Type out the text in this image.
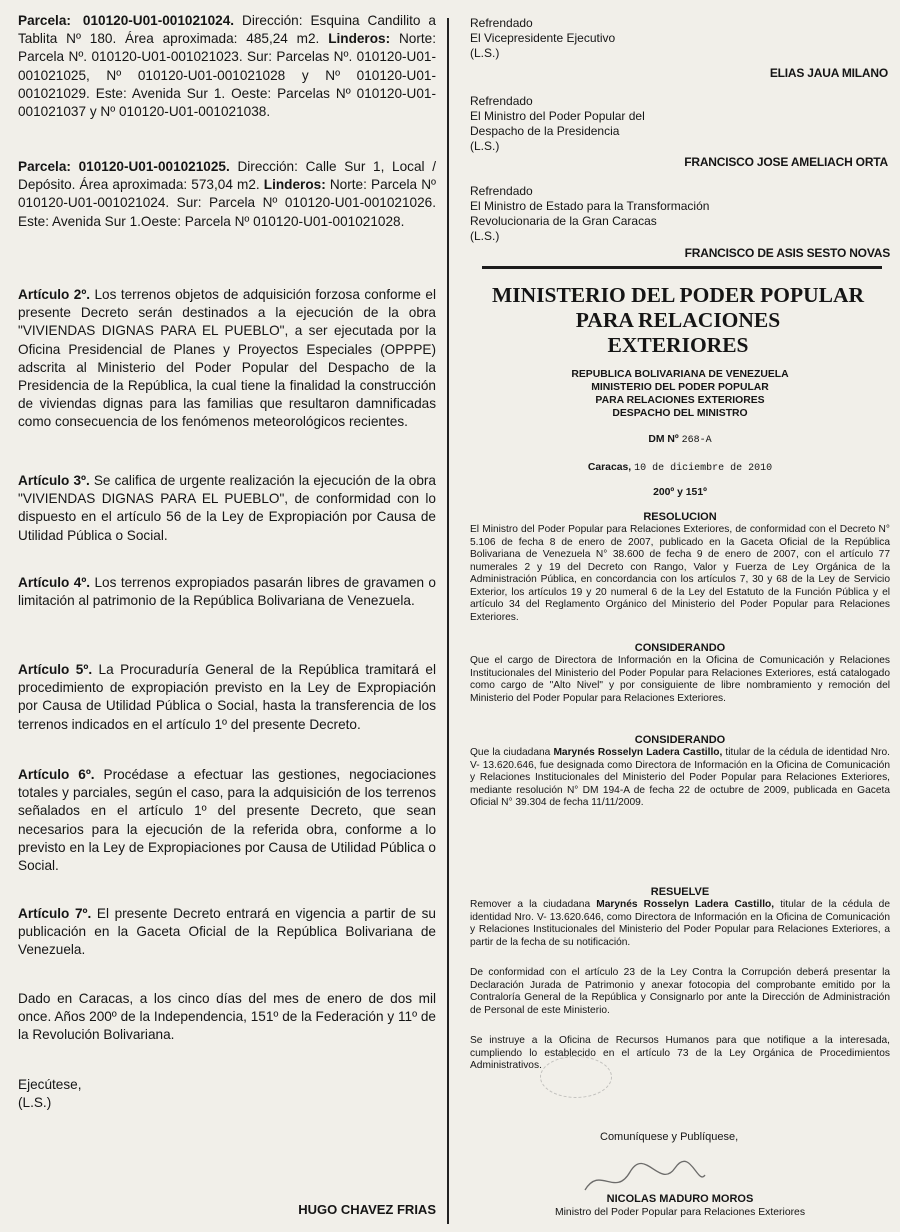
Parcela: 010120-U01-001021024. Dirección: Esquina Candilito a Tablita Nº 180. Área aproximada: 485,24 m2. Linderos: Norte: Parcela Nº. 010120-U01-001021023. Sur: Parcelas Nº. 010120-U01-001021025, Nº 010120-U01-001021028 y Nº 010120-U01-001021029. Este: Avenida Sur 1. Oeste: Parcelas Nº 010120-U01-001021037 y Nº 010120-U01-001021038.

Parcela: 010120-U01-001021025. Dirección: Calle Sur 1, Local / Depósito. Área aproximada: 573,04 m2. Linderos: Norte: Parcela Nº 010120-U01-001021024. Sur: Parcela Nº 010120-U01-001021026. Este: Avenida Sur 1.Oeste: Parcela Nº 010120-U01-001021028.

Artículo 2º. Los terrenos objetos de adquisición forzosa conforme el presente Decreto serán destinados a la ejecución de la obra "VIVIENDAS DIGNAS PARA EL PUEBLO", a ser ejecutada por la Oficina Presidencial de Planes y Proyectos Especiales (OPPPE) adscrita al Ministerio del Poder Popular del Despacho de la Presidencia de la República, la cual tiene la finalidad la construcción de viviendas dignas para las familias que resultaron damnificadas como consecuencia de los fenómenos meteorológicos recientes.

Artículo 3º. Se califica de urgente realización la ejecución de la obra "VIVIENDAS DIGNAS PARA EL PUEBLO", de conformidad con lo dispuesto en el artículo 56 de la Ley de Expropiación por Causa de Utilidad Pública o Social.

Artículo 4º. Los terrenos expropiados pasarán libres de gravamen o limitación al patrimonio de la República Bolivariana de Venezuela.

Artículo 5º. La Procuraduría General de la República tramitará el procedimiento de expropiación previsto en la Ley de Expropiación por Causa de Utilidad Pública o Social, hasta la transferencia de los terrenos indicados en el artículo 1º del presente Decreto.

Artículo 6º. Procédase a efectuar las gestiones, negociaciones totales y parciales, según el caso, para la adquisición de los terrenos señalados en el artículo 1º del presente Decreto, que sean necesarios para la ejecución de la referida obra, conforme a lo previsto en la Ley de Expropiaciones por Causa de Utilidad Pública o Social.

Artículo 7º. El presente Decreto entrará en vigencia a partir de su publicación en la Gaceta Oficial de la República Bolivariana de Venezuela.

Dado en Caracas, a los cinco días del mes de enero de dos mil once. Años 200º de la Independencia, 151º de la Federación y 11º de la Revolución Bolivariana.

Ejecútese,
(L.S.)
HUGO CHAVEZ FRIAS
Refrendado
El Vicepresidente Ejecutivo
(L.S.)
ELIAS JAUA MILANO
Refrendado
El Ministro del Poder Popular del Despacho de la Presidencia
(L.S.)
FRANCISCO JOSE AMELIACH ORTA
Refrendado
El Ministro de Estado para la Transformación Revolucionaria de la Gran Caracas
(L.S.)
FRANCISCO DE ASIS SESTO NOVAS
MINISTERIO DEL PODER POPULAR
PARA RELACIONES
EXTERIORES
REPUBLICA BOLIVARIANA DE VENEZUELA
MINISTERIO DEL PODER POPULAR
PARA RELACIONES EXTERIORES
DESPACHO DEL MINISTRO
DM Nº 268-A
Caracas, 10 de diciembre de 2010
200º y 151º
RESOLUCION

El Ministro del Poder Popular para Relaciones Exteriores, de conformidad con el Decreto N° 5.106 de fecha 8 de enero de 2007, publicado en la Gaceta Oficial de la República Bolivariana de Venezuela N° 38.600 de fecha 9 de enero de 2007, con el artículo 77 numerales 2 y 19 del Decreto con Rango, Valor y Fuerza de Ley Orgánica de la Administración Pública, en concordancia con los artículos 7, 30 y 68 de la Ley de Servicio Exterior, los artículos 19 y 20 numeral 6 de la Ley del Estatuto de la Función Pública y el artículo 34 del Reglamento Orgánico del Ministerio del Poder Popular para Relaciones Exteriores.

CONSIDERANDO

Que el cargo de Directora de Información en la Oficina de Comunicación y Relaciones Institucionales del Ministerio del Poder Popular para Relaciones Exteriores, está catalogado como cargo de "Alto Nivel" y por consiguiente de libre nombramiento y remoción del Ministerio del Poder Popular para Relaciones Exteriores.

CONSIDERANDO

Que la ciudadana Marynés Rosselyn Ladera Castillo, titular de la cédula de identidad Nro. V- 13.620.646, fue designada como Directora de Información en la Oficina de Comunicación y Relaciones Institucionales del Ministerio del Poder Popular para Relaciones Exteriores, mediante resolución N° DM 194-A de fecha 22 de octubre de 2009, publicada en Gaceta Oficial N° 39.304 de fecha 11/11/2009.

RESUELVE

Remover a la ciudadana Marynés Rosselyn Ladera Castillo, titular de la cédula de identidad Nro. V- 13.620.646, como Directora de Información en la Oficina de Comunicación y Relaciones Institucionales del Ministerio del Poder Popular para Relaciones Exteriores, a partir de la fecha de su notificación.

De conformidad con el artículo 23 de la Ley Contra la Corrupción deberá presentar la Declaración Jurada de Patrimonio y anexar fotocopia del comprobante emitido por la Contraloría General de la República y Consignarlo por ante la Dirección de Administración de Personal de este Ministerio.

Se instruye a la Oficina de Recursos Humanos para que notifique a la interesada, cumpliendo lo establecido en el artículo 73 de la Ley Orgánica de Procedimientos Administrativos.

Comuníquese y Publíquese,
NICOLAS MADURO MOROS
Ministro del Poder Popular para Relaciones Exteriores
